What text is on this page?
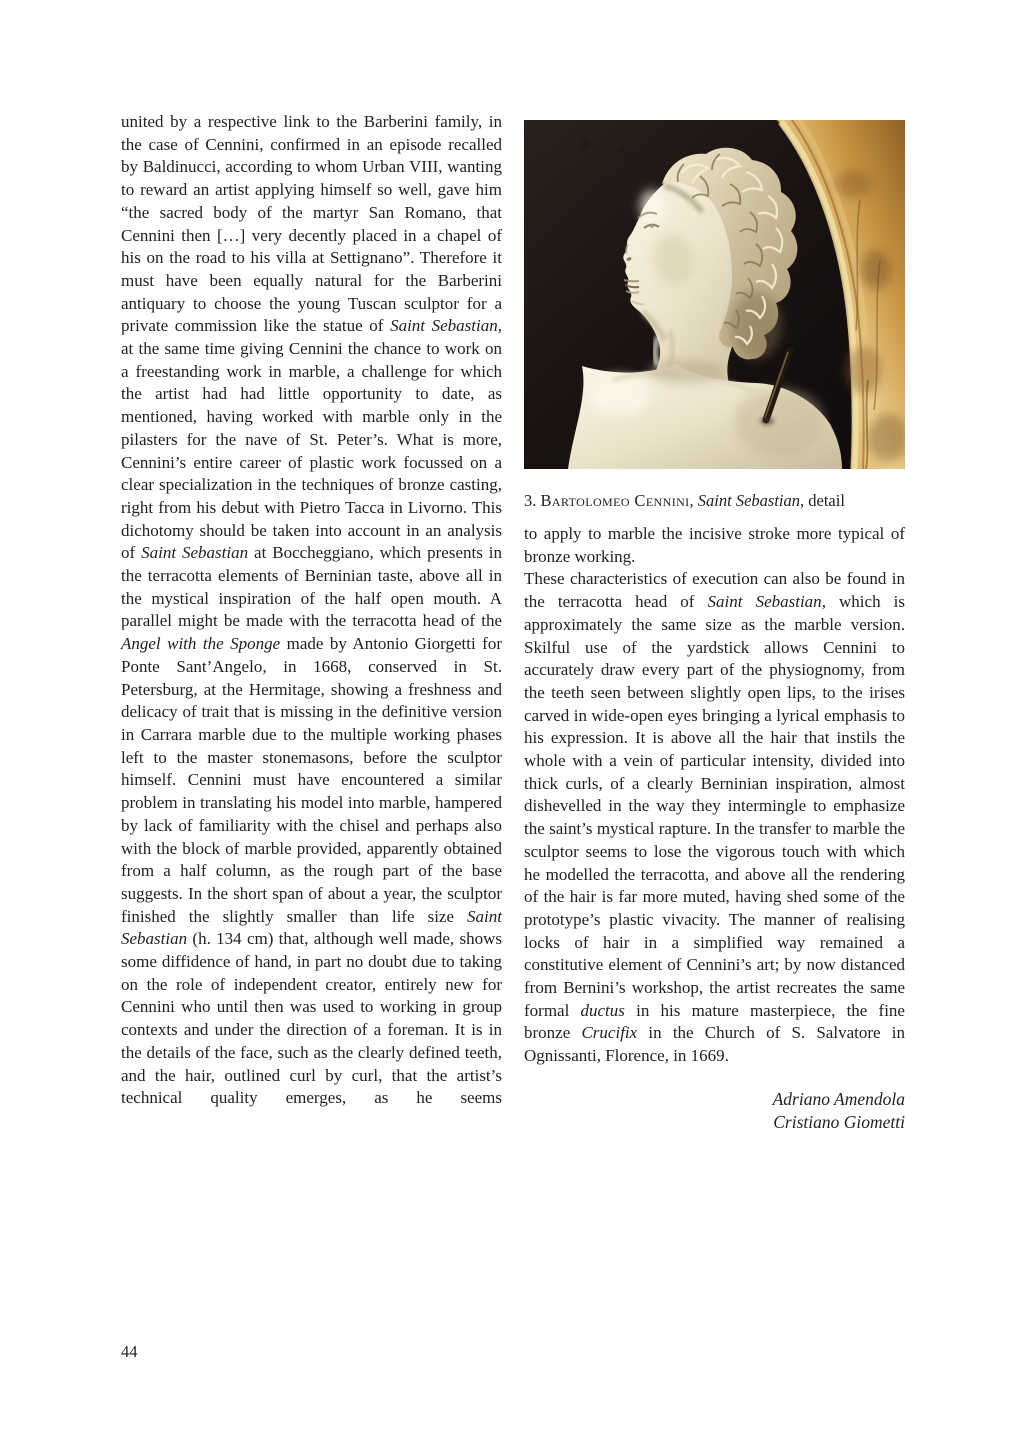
united by a respective link to the Barberini family, in the case of Cennini, confirmed in an episode recalled by Baldinucci, according to whom Urban VIII, wanting to reward an artist applying himself so well, gave him “the sacred body of the martyr San Romano, that Cennini then […] very decently placed in a chapel of his on the road to his villa at Settignano”. Therefore it must have been equally natural for the Barberini antiquary to choose the young Tuscan sculptor for a private commission like the statue of Saint Sebastian, at the same time giving Cennini the chance to work on a freestanding work in marble, a challenge for which the artist had had little opportunity to date, as mentioned, having worked with marble only in the pilasters for the nave of St. Peter’s. What is more, Cennini’s entire career of plastic work focussed on a clear specialization in the techniques of bronze casting, right from his debut with Pietro Tacca in Livorno. This dichotomy should be taken into account in an analysis of Saint Sebastian at Boccheggiano, which presents in the terracotta elements of Berninian taste, above all in the mystical inspiration of the half open mouth. A parallel might be made with the terracotta head of the Angel with the Sponge made by Antonio Giorgetti for Ponte Sant’Angelo, in 1668, conserved in St. Petersburg, at the Hermitage, showing a freshness and delicacy of trait that is missing in the definitive version in Carrara marble due to the multiple working phases left to the master stonemasons, before the sculptor himself. Cennini must have encountered a similar problem in translating his model into marble, hampered by lack of familiarity with the chisel and perhaps also with the block of marble provided, apparently obtained from a half column, as the rough part of the base suggests. In the short span of about a year, the sculptor finished the slightly smaller than life size Saint Sebastian (h. 134 cm) that, although well made, shows some diffidence of hand, in part no doubt due to taking on the role of independent creator, entirely new for Cennini who until then was used to working in group contexts and under the direction of a foreman. It is in the details of the face, such as the clearly defined teeth, and the hair, outlined curl by curl, that the artist’s technical quality emerges, as he seems

3. Bartolomeo Cennini, Saint Sebastian, detail

to apply to marble the incisive stroke more typical of bronze working.

These characteristics of execution can also be found in the terracotta head of Saint Sebastian, which is approximately the same size as the marble version. Skilful use of the yardstick allows Cennini to accurately draw every part of the physiognomy, from the teeth seen between slightly open lips, to the irises carved in wide-open eyes bringing a lyrical emphasis to his expression. It is above all the hair that instils the whole with a vein of particular intensity, divided into thick curls, of a clearly Berninian inspiration, almost dishevelled in the way they intermingle to emphasize the saint’s mystical rapture. In the transfer to marble the sculptor seems to lose the vigorous touch with which he modelled the terracotta, and above all the rendering of the hair is far more muted, having shed some of the prototype’s plastic vivacity. The manner of realising locks of hair in a simplified way remained a constitutive element of Cennini’s art; by now distanced from Bernini’s workshop, the artist recreates the same formal ductus in his mature masterpiece, the fine bronze Crucifix in the Church of S. Salvatore in Ognissanti, Florence, in 1669.

Adriano Amendola
Cristiano Giometti
44
